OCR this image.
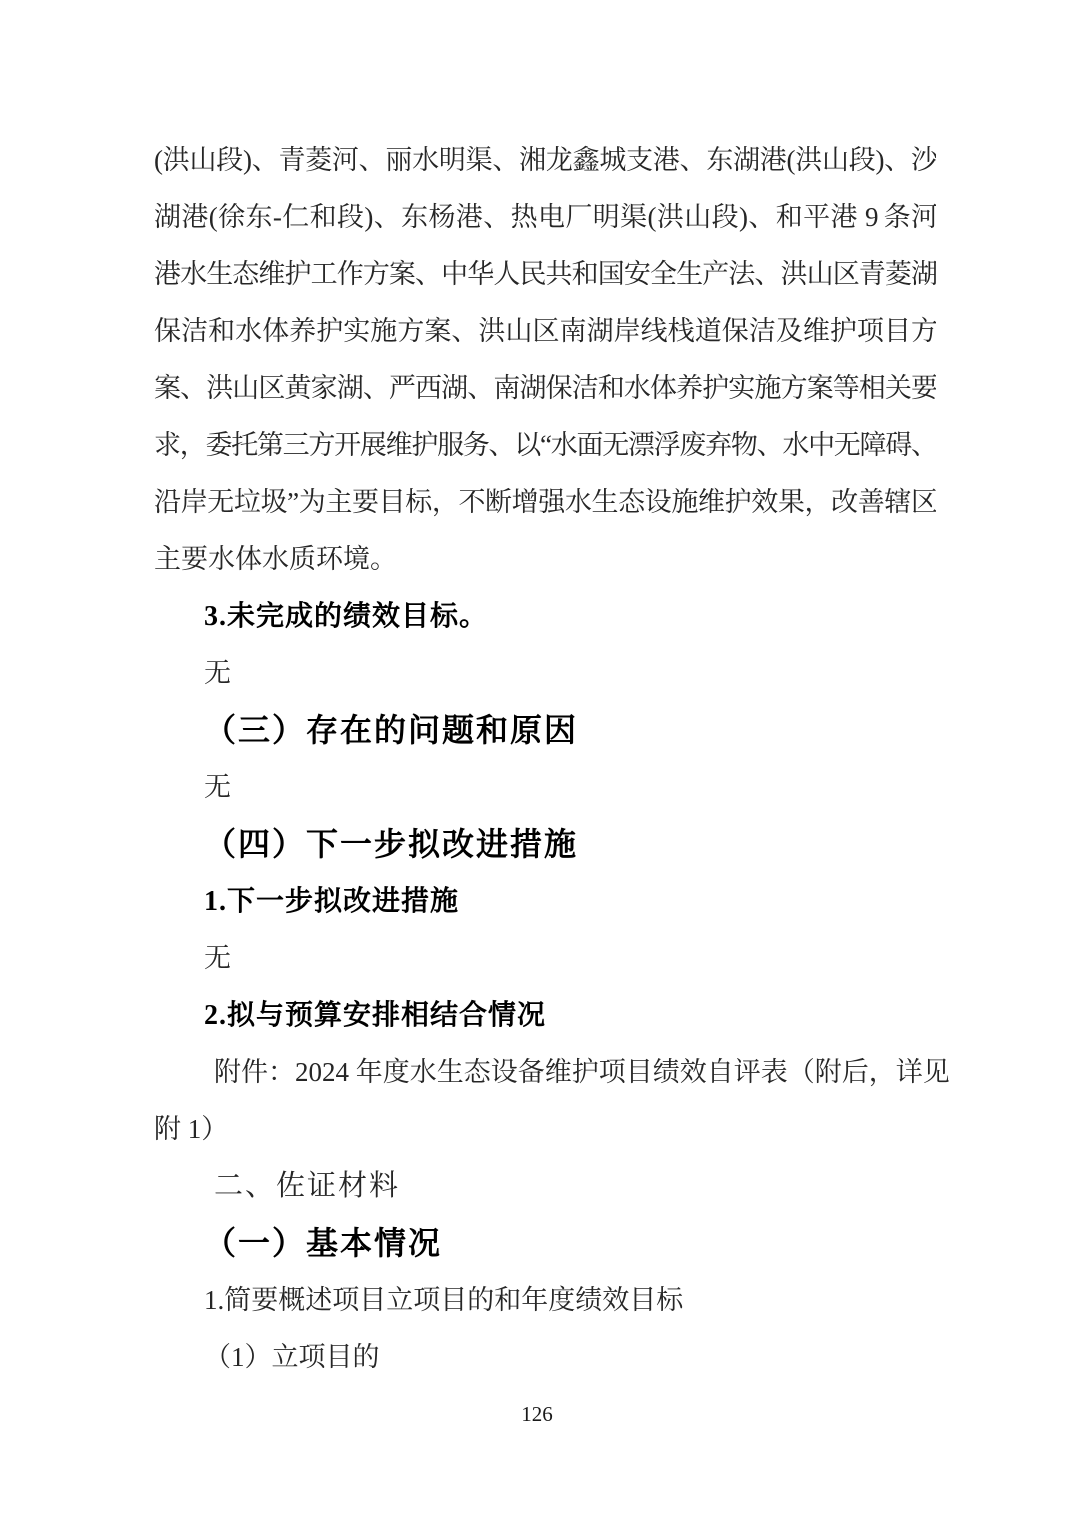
(洪山段)、青菱河、丽水明渠、湘龙鑫城支港、东湖港(洪山段)、沙
湖港(徐东-仁和段)、东杨港、热电厂明渠(洪山段)、和平港 9 条河
港水生态维护工作方案、中华人民共和国安全生产法、洪山区青菱湖
保洁和水体养护实施方案、洪山区南湖岸线栈道保洁及维护项目方
案、洪山区黄家湖、严西湖、南湖保洁和水体养护实施方案等相关要
求，委托第三方开展维护服务、以“水面无漂浮废弃物、水中无障碍、
沿岸无垃圾”为主要目标，不断增强水生态设施维护效果，改善辖区
主要水体水质环境。
3.未完成的绩效目标。
无
（三）存在的问题和原因
无
（四）下一步拟改进措施
1.下一步拟改进措施
无
2.拟与预算安排相结合情况
附件：2024 年度水生态设备维护项目绩效自评表（附后，详见
附 1）
二、佐证材料
（一）基本情况
1.简要概述项目立项目的和年度绩效目标
（1）立项目的
126
